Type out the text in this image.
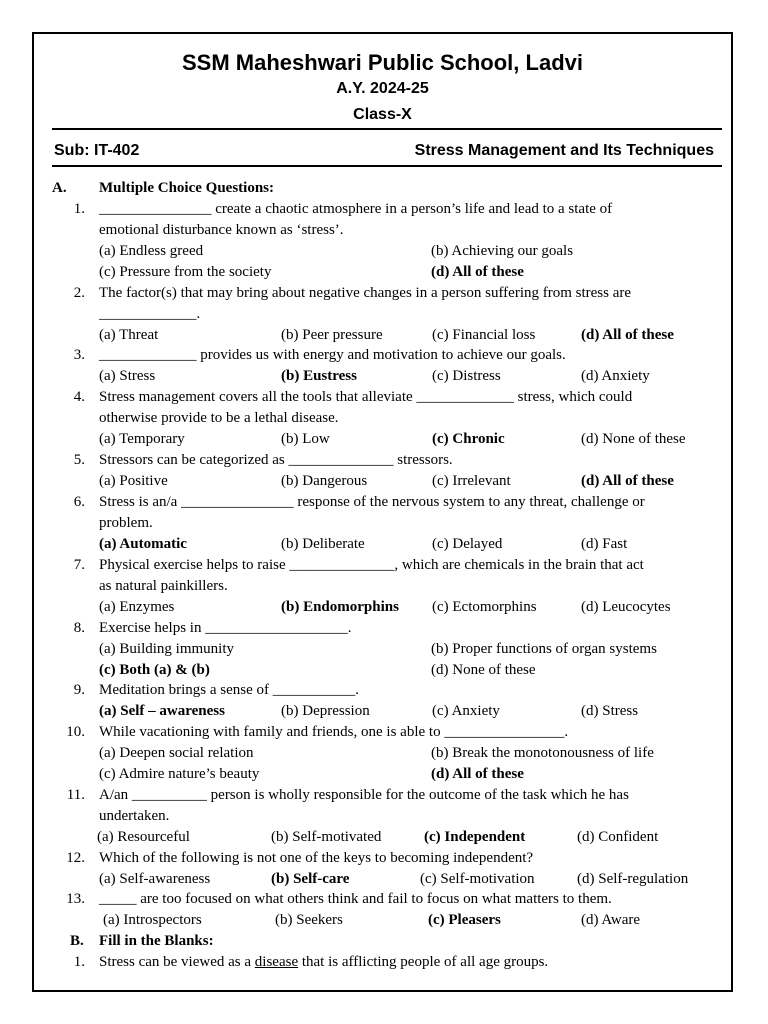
SSM Maheshwari Public School, Ladvi
A.Y. 2024-25
Class-X
Sub: IT-402	Stress Management and Its Techniques
A. Multiple Choice Questions:
1. _______________ create a chaotic atmosphere in a person’s life and lead to a state of
emotional disturbance known as ‘stress’.
(a) Endless greed	(b) Achieving our goals
(c) Pressure from the society	(d) All of these
2. The factor(s) that may bring about negative changes in a person suffering from stress are
_____________.
(a) Threat	(b) Peer pressure	(c) Financial loss	(d) All of these
3. _____________ provides us with energy and motivation to achieve our goals.
(a) Stress	(b) Eustress	(c) Distress	(d) Anxiety
4. Stress management covers all the tools that alleviate _____________ stress, which could
otherwise provide to be a lethal disease.
(a) Temporary	(b) Low	(c) Chronic	(d) None of these
5. Stressors can be categorized as ______________ stressors.
(a) Positive	(b) Dangerous	(c) Irrelevant	(d) All of these
6. Stress is an/a _______________ response of the nervous system to any threat, challenge or
problem.
(a) Automatic	(b) Deliberate	(c) Delayed	(d) Fast
7. Physical exercise helps to raise ______________, which are chemicals in the brain that act
as natural painkillers.
(a) Enzymes	(b) Endomorphins (c) Ectomorphins	(d) Leucocytes
8. Exercise helps in ___________________.
(a) Building immunity	(b) Proper functions of organ systems
(c) Both (a) & (b)	(d) None of these
9. Meditation brings a sense of ___________.
(a) Self – awareness	(b) Depression	(c) Anxiety	(d) Stress
10. While vacationing with family and friends, one is able to ________________.
(a) Deepen social relation	(b) Break the monotonousness of life
(c) Admire nature’s beauty	(d) All of these
11. A/an __________ person is wholly responsible for the outcome of the task which he has
undertaken.
(a) Resourceful	(b) Self-motivated	(c) Independent	(d) Confident
12. Which of the following is not one of the keys to becoming independent?
(a) Self-awareness	(b) Self-care	(c) Self-motivation	(d) Self-regulation
13. _____ are too focused on what others think and fail to focus on what matters to them.
(a) Introspectors	(b) Seekers	(c) Pleasers	(d) Aware
B. Fill in the Blanks:
1. Stress can be viewed as a disease that is afflicting people of all age groups.
